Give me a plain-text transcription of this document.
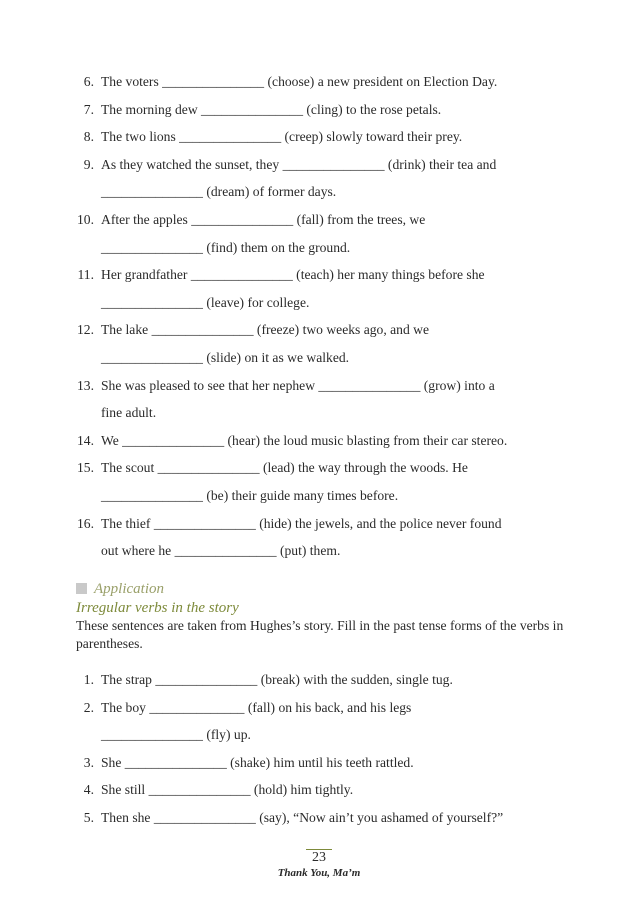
6. The voters _______________ (choose) a new president on Election Day.
7. The morning dew _______________ (cling) to the rose petals.
8. The two lions _______________ (creep) slowly toward their prey.
9. As they watched the sunset, they _______________ (drink) their tea and
_______________ (dream) of former days.
10. After the apples _______________ (fall) from the trees, we
_______________ (find) them on the ground.
11. Her grandfather _______________ (teach) her many things before she
_______________ (leave) for college.
12. The lake _______________ (freeze) two weeks ago, and we
_______________ (slide) on it as we walked.
13. She was pleased to see that her nephew _______________ (grow) into a
fine adult.
14. We _______________ (hear) the loud music blasting from their car stereo.
15. The scout _______________ (lead) the way through the woods. He
_______________ (be) their guide many times before.
16. The thief _______________ (hide) the jewels, and the police never found
out where he _______________ (put) them.
Application
Irregular verbs in the story
These sentences are taken from Hughes’s story. Fill in the past tense forms of the verbs in parentheses.
1. The strap _______________ (break) with the sudden, single tug.
2. The boy ______________ (fall) on his back, and his legs
_______________ (fly) up.
3. She _______________ (shake) him until his teeth rattled.
4. She still _______________ (hold) him tightly.
5. Then she _______________ (say), “Now ain’t you ashamed of yourself?”
23
Thank You, Ma’m
